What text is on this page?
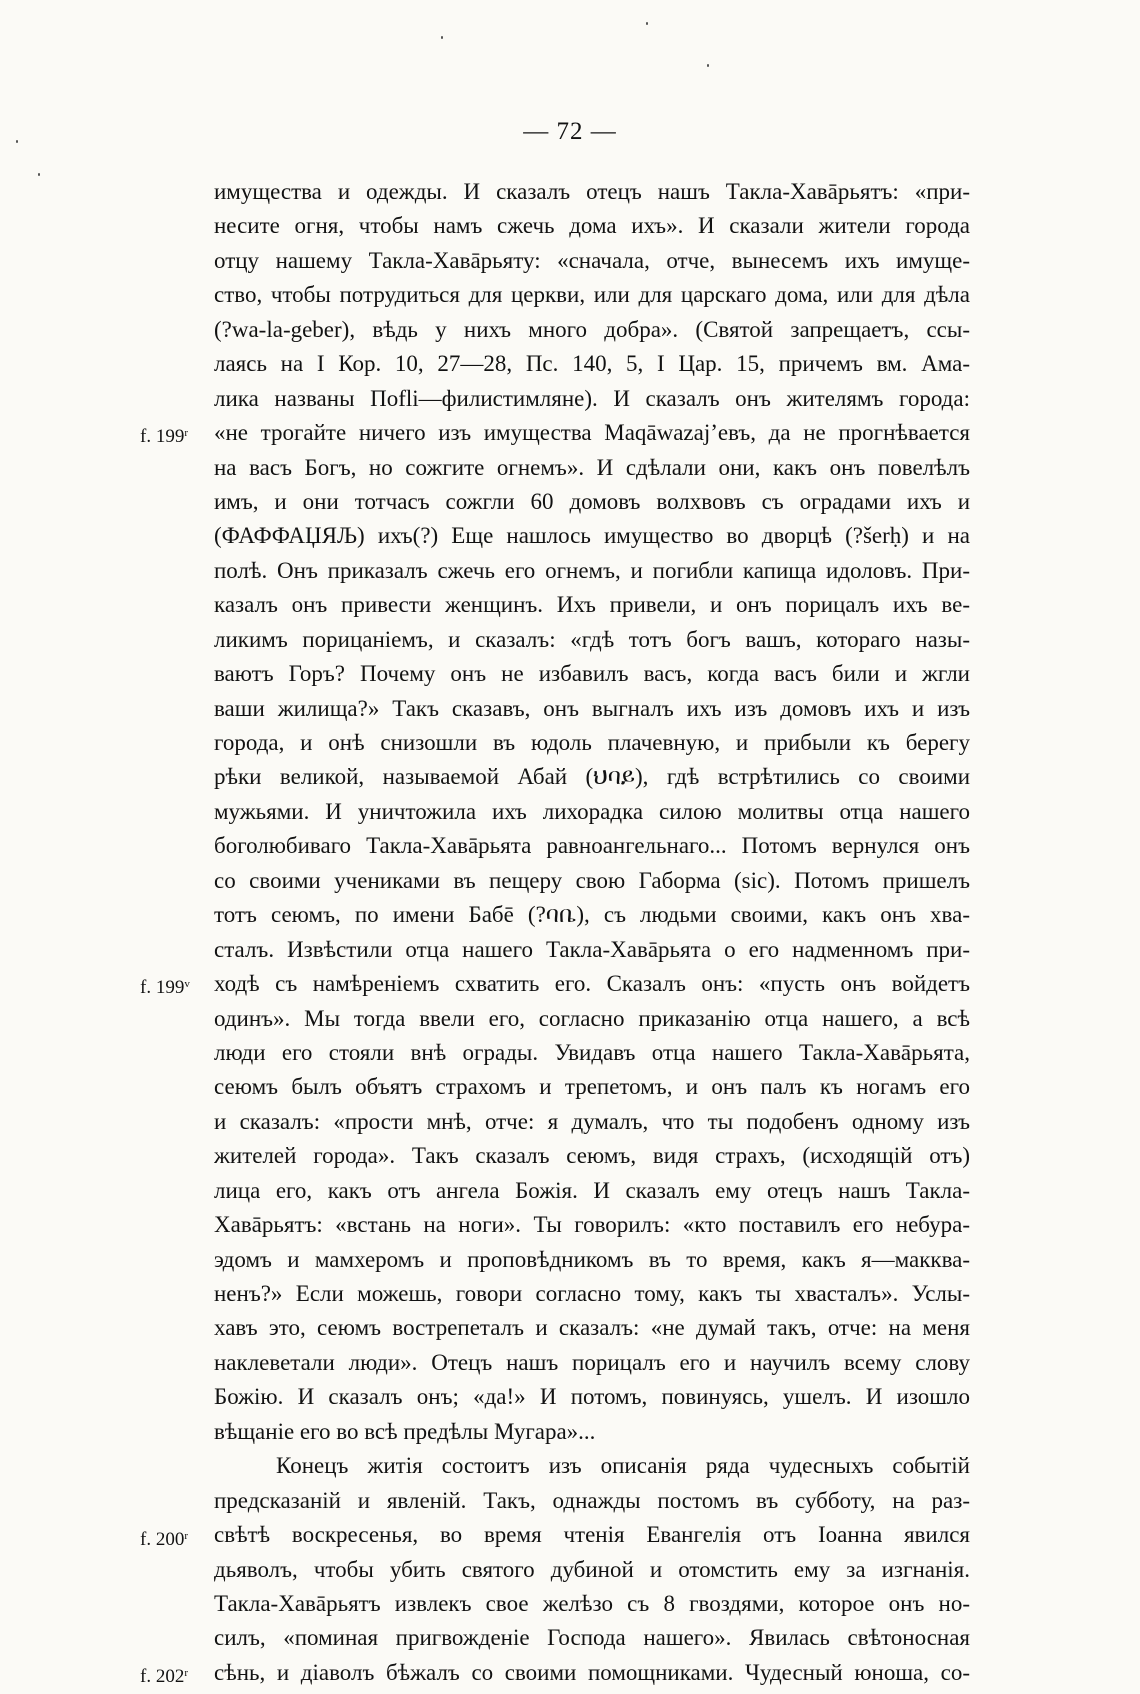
— 72 —
имущества и одежды. И сказалъ отецъ нашъ Такла-Хавāрьятъ: «при-
несите огня, чтобы намъ сжечь дома ихъ». И сказали жители города
отцу нашему Такла-Хавāрьяту: «сначала, отче, вынесемъ ихъ имуще-
ство, чтобы потрудиться для церкви, или для царскаго дома, или для дѣла
(?wa-la-geber), вѣдь у нихъ много добра». (Святой запрещаетъ, ссы-
лаясь на I Кор. 10, 27—28, Пс. 140, 5, I Цар. 15, причемъ вм. Ама-
лика названы Пofli—филистимляне). И сказалъ онъ жителямъ города:
«не трогайте ничего изъ имущества Maqāwazaj’евъ, да не прогнѣвается
на васъ Богъ, но сожгите огнемъ». И сдѣлали они, какъ онъ повелѣлъ
имъ, и они тотчасъ сожгли 60 домовъ волхвовъ съ оградами ихъ и
(ФАФФАЏЯЉ) ихъ(?) Еще нашлось имущество во дворцѣ (?šerḥ) и на
полѣ. Онъ приказалъ сжечь его огнемъ, и погибли капища идоловъ. При-
казалъ онъ привести женщинъ. Ихъ привели, и онъ порицалъ ихъ ве-
ликимъ порицаніемъ, и сказалъ: «гдѣ тотъ богъ вашъ, котораго назы-
ваютъ Горъ? Почему онъ не избавилъ васъ, когда васъ били и жгли
ваши жилища?» Такъ сказавъ, онъ выгналъ ихъ изъ домовъ ихъ и изъ
города, и онѣ снизошли въ юдоль плачевную, и прибыли къ берегу
рѣки великой, называемой Абай (ህባይ), гдѣ встрѣтились со своими
мужьями. И уничтожила ихъ лихорадка силою молитвы отца нашего
боголюбиваго Такла-Хавāрьята равноангельнаго... Потомъ вернулся онъ
со своими учениками въ пещеру свою Габорма (sic). Потомъ пришелъ
тотъ сеюмъ, по имени Бабē (?ባቤ), съ людьми своими, какъ онъ хва-
сталъ. Извѣстили отца нашего Такла-Хавāрьята о его надменномъ при-
ходѣ съ намѣреніемъ схватить его. Сказалъ онъ: «пусть онъ войдетъ
одинъ». Мы тогда ввели его, согласно приказанію отца нашего, а всѣ
люди его стояли внѣ ограды. Увидавъ отца нашего Такла-Хавāрьята,
сеюмъ былъ объятъ страхомъ и трепетомъ, и онъ палъ къ ногамъ его
и сказалъ: «прости мнѣ, отче: я думалъ, что ты подобенъ одному изъ
жителей города». Такъ сказалъ сеюмъ, видя страхъ, (исходящій отъ)
лица его, какъ отъ ангела Божія. И сказалъ ему отецъ нашъ Такла-
Хавāрьятъ: «встань на ноги». Ты говорилъ: «кто поставилъ его небура-
эдомъ и мамхеромъ и проповѣдникомъ въ то время, какъ я—макква-
ненъ?» Если можешь, говори согласно тому, какъ ты хвасталъ». Услы-
хавъ это, сеюмъ вострепеталъ и сказалъ: «не думай такъ, отче: на меня
наклеветали люди». Отецъ нашъ порицалъ его и научилъ всему слову
Божію. И сказалъ онъ; «да!» И потомъ, повинуясь, ушелъ. И изошло
вѣщаніе его во всѣ предѣлы Мугара»...
Конецъ житія состоитъ изъ описанія ряда чудесныхъ событій
предсказаній и явленій. Такъ, однажды постомъ въ субботу, на раз-
свѣтѣ воскресенья, во время чтенія Евангелія отъ Іоанна явился
дьяволъ, чтобы убить святого дубиной и отомстить ему за изгнанія.
Такла-Хавāрьятъ извлекъ свое желѣзо съ 8 гвоздями, которое онъ но-
силъ, «поминая пригвожденіе Господа нашего». Явилась свѣтоносная
сѣнь, и діаволъ бѣжалъ со своими помощниками. Чудесный юноша, со-
f. 199$^r$
f. 199$^v$
f. 200$^r$
f. 202$^r$
